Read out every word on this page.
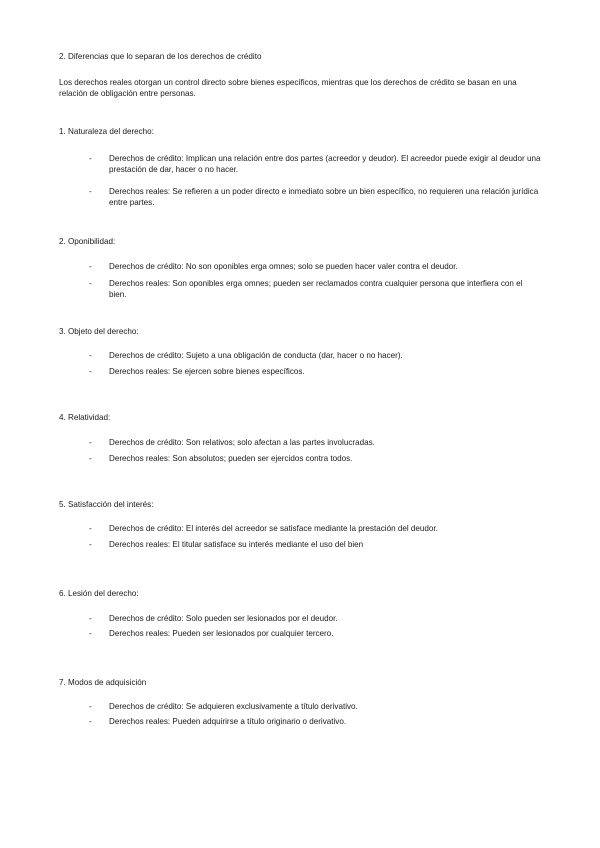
2. Diferencias que lo separan de los derechos de crédito

Los derechos reales otorgan un control directo sobre bienes específicos, mientras que los derechos de crédito se basan en una relación de obligación entre personas.

1. Naturaleza del derecho:

- Derechos de crédito: Implican una relación entre dos partes (acreedor y deudor). El acreedor puede exigir al deudor una prestación de dar, hacer o no hacer.

- Derechos reales: Se refieren a un poder directo e inmediato sobre un bien específico, no requieren una relación jurídica entre partes.

2. Oponibilidad:

- Derechos de crédito: No son oponibles erga omnes; solo se pueden hacer valer contra el deudor.

- Derechos reales: Son oponibles erga omnes; pueden ser reclamados contra cualquier persona que interfiera con el bien.

3. Objeto del derecho:

- Derechos de crédito: Sujeto a una obligación de conducta (dar, hacer o no hacer).

- Derechos reales: Se ejercen sobre bienes específicos.

4. Relatividad:

- Derechos de crédito: Son relativos; solo afectan a las partes involucradas.

- Derechos reales: Son absolutos; pueden ser ejercidos contra todos.

5. Satisfacción del interés:

- Derechos de crédito: El interés del acreedor se satisface mediante la prestación del deudor.

- Derechos reales: El titular satisface su interés mediante el uso del bien

6. Lesión del derecho:

- Derechos de crédito: Solo pueden ser lesionados por el deudor.

- Derechos reales: Pueden ser lesionados por cualquier tercero.

7. Modos de adquisición

- Derechos de crédito: Se adquieren exclusivamente a título derivativo.

- Derechos reales: Pueden adquirirse a título originario o derivativo.
